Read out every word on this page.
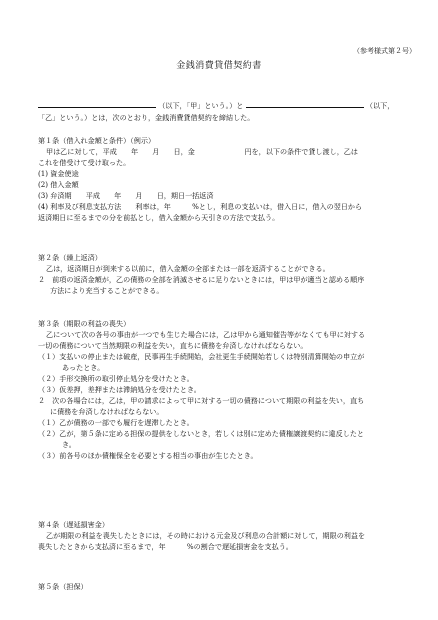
（参考様式第２号）
金銭消費貸借契約書
（以下，「甲」という。）と	（以下，
「乙」という。）とは，次のとおり，金銭消費貸借契約を締結した。
第１条（借入れ金額と条件）（例示）
甲は乙に対して，平成　　年　　月　　日，金　　　　　　　円を，以下の条件で貸し渡し，乙は
これを借受けて受け取った。
(1) 資金使途
(2) 借入金額
(3) 弁済期　　平成　　年　　月　　日，期日一括返済
(4) 利率及び利息支払方法　　利率は，年　　　%とし，利息の支払いは，借入日に，借入の翌日から
返済期日に至るまでの分を前払とし，借入金額から天引きの方法で支払う。
第２条（繰上返済）
乙は，返済期日が到来する以前に，借入金額の全部または一部を返済することができる。
２　前項の返済金額が，乙の債務の全部を消滅させるに足りないときには，甲は甲が適当と認める順序
方法により充当することができる。
第３条（期限の利益の喪失）
乙について次の各号の事由が一つでも生じた場合には，乙は甲から通知催告等がなくても甲に対する
一切の債務について当然期限の利益を失い，直ちに債務を弁済しなければならない。
（１）支払いの停止または破産，民事再生手続開始，会社更生手続開始若しくは特別清算開始の申立が
あったとき。
（２）手形交換所の取引停止処分を受けたとき。
（３）仮差押，差押または滞納処分を受けたとき。
２　次の各場合には，乙は，甲の請求によって甲に対する一切の債務について期限の利益を失い，直ち
に債務を弁済しなければならない。
（１）乙が債務の一部でも履行を遅滞したとき。
（２）乙が，第５条に定める担保の提供をしないとき，若しくは別に定めた債権譲渡契約に違反したと
き。
（３）前各号のほか債権保全を必要とする相当の事由が生じたとき。
第４条（遅延損害金）
乙が期限の利益を喪失したときには，その時における元金及び利息の合計額に対して，期限の利益を
喪失したときから支払済に至るまで，年　　　%の割合で遅延損害金を支払う。
第５条（担保）
